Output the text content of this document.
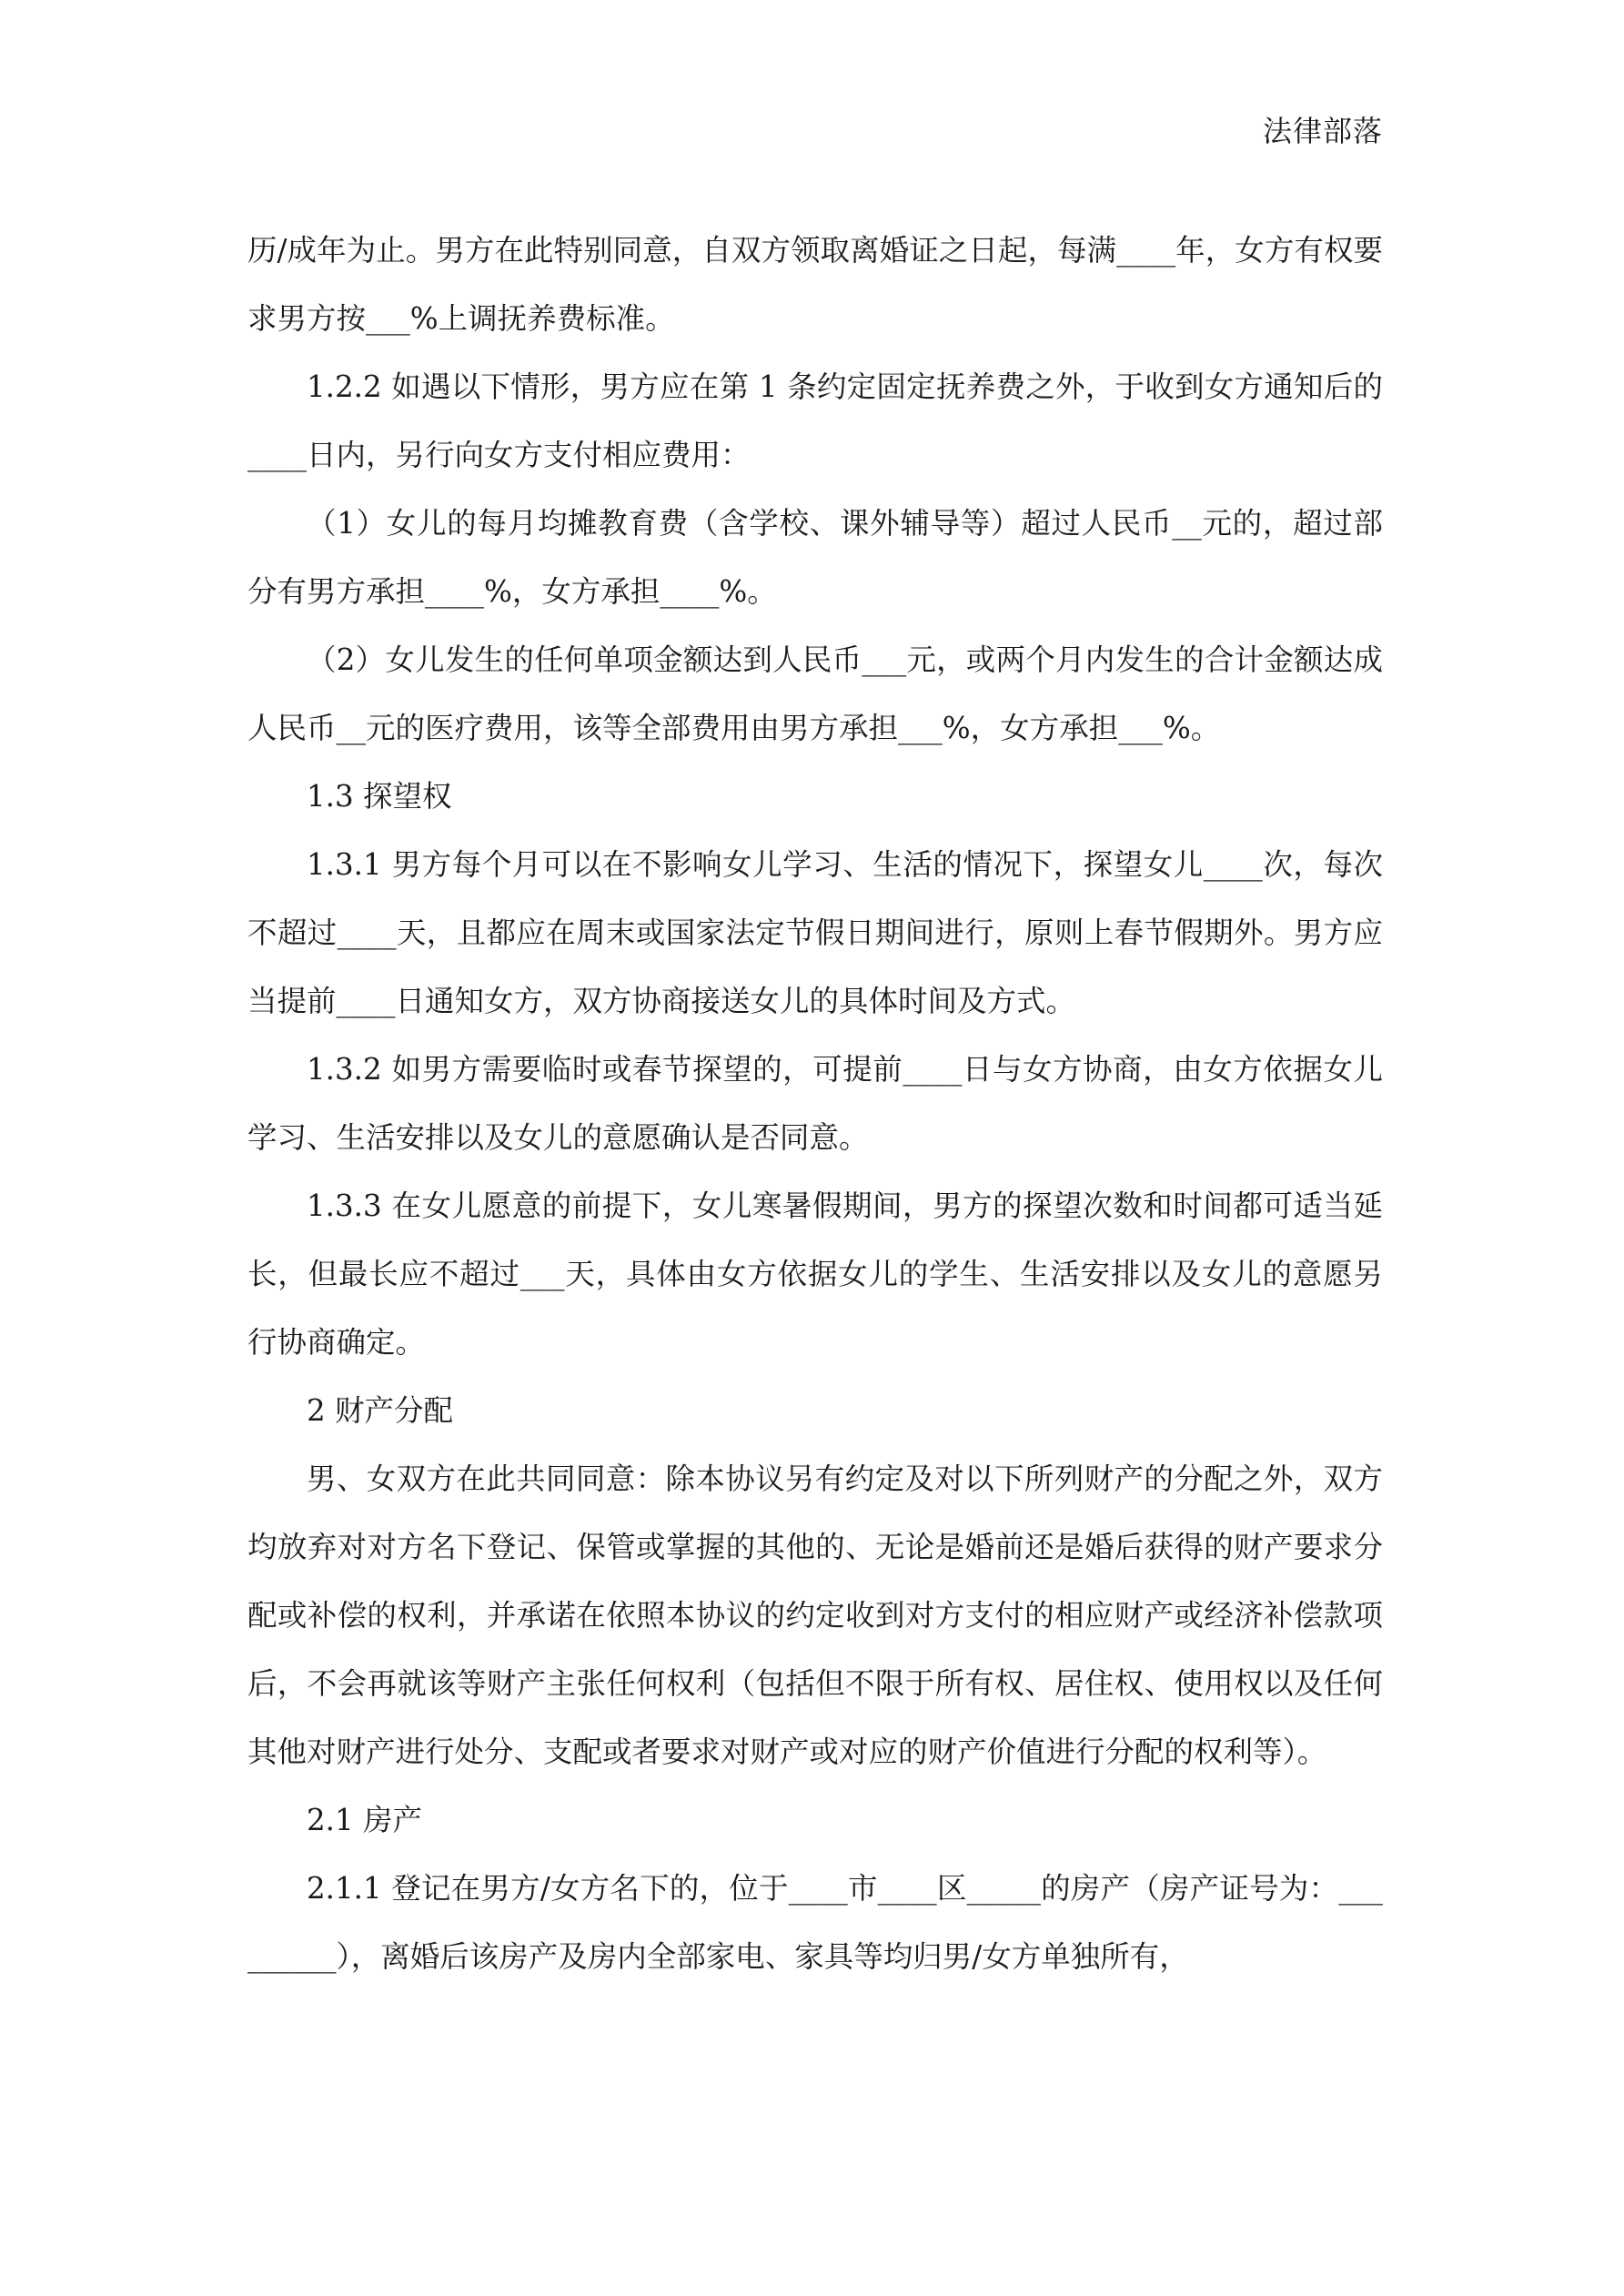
法律部落

历/成年为止。男方在此特别同意，自双方领取离婚证之日起，每满____年，女方有权要求男方按___%上调抚养费标准。

1.2.2 如遇以下情形，男方应在第 1 条约定固定抚养费之外，于收到女方通知后的____日内，另行向女方支付相应费用：

（1）女儿的每月均摊教育费（含学校、课外辅导等）超过人民币__元的，超过部分有男方承担____%，女方承担____%。

（2）女儿发生的任何单项金额达到人民币___元，或两个月内发生的合计金额达成人民币__元的医疗费用，该等全部费用由男方承担___%，女方承担___%。

1.3 探望权

1.3.1 男方每个月可以在不影响女儿学习、生活的情况下，探望女儿____次，每次不超过____天，且都应在周末或国家法定节假日期间进行，原则上春节假期外。男方应当提前____日通知女方，双方协商接送女儿的具体时间及方式。

1.3.2 如男方需要临时或春节探望的，可提前____日与女方协商，由女方依据女儿学习、生活安排以及女儿的意愿确认是否同意。

1.3.3 在女儿愿意的前提下，女儿寒暑假期间，男方的探望次数和时间都可适当延长，但最长应不超过___天，具体由女方依据女儿的学生、生活安排以及女儿的意愿另行协商确定。

2 财产分配

男、女双方在此共同同意：除本协议另有约定及对以下所列财产的分配之外，双方均放弃对对方名下登记、保管或掌握的其他的、无论是婚前还是婚后获得的财产要求分配或补偿的权利，并承诺在依照本协议的约定收到对方支付的相应财产或经济补偿款项后，不会再就该等财产主张任何权利（包括但不限于所有权、居住权、使用权以及任何其他对财产进行处分、支配或者要求对财产或对应的财产价值进行分配的权利等）。

2.1 房产

2.1.1 登记在男方/女方名下的，位于____市____区_____的房产（房产证号为：_________），离婚后该房产及房内全部家电、家具等均归男/女方单独所有，
